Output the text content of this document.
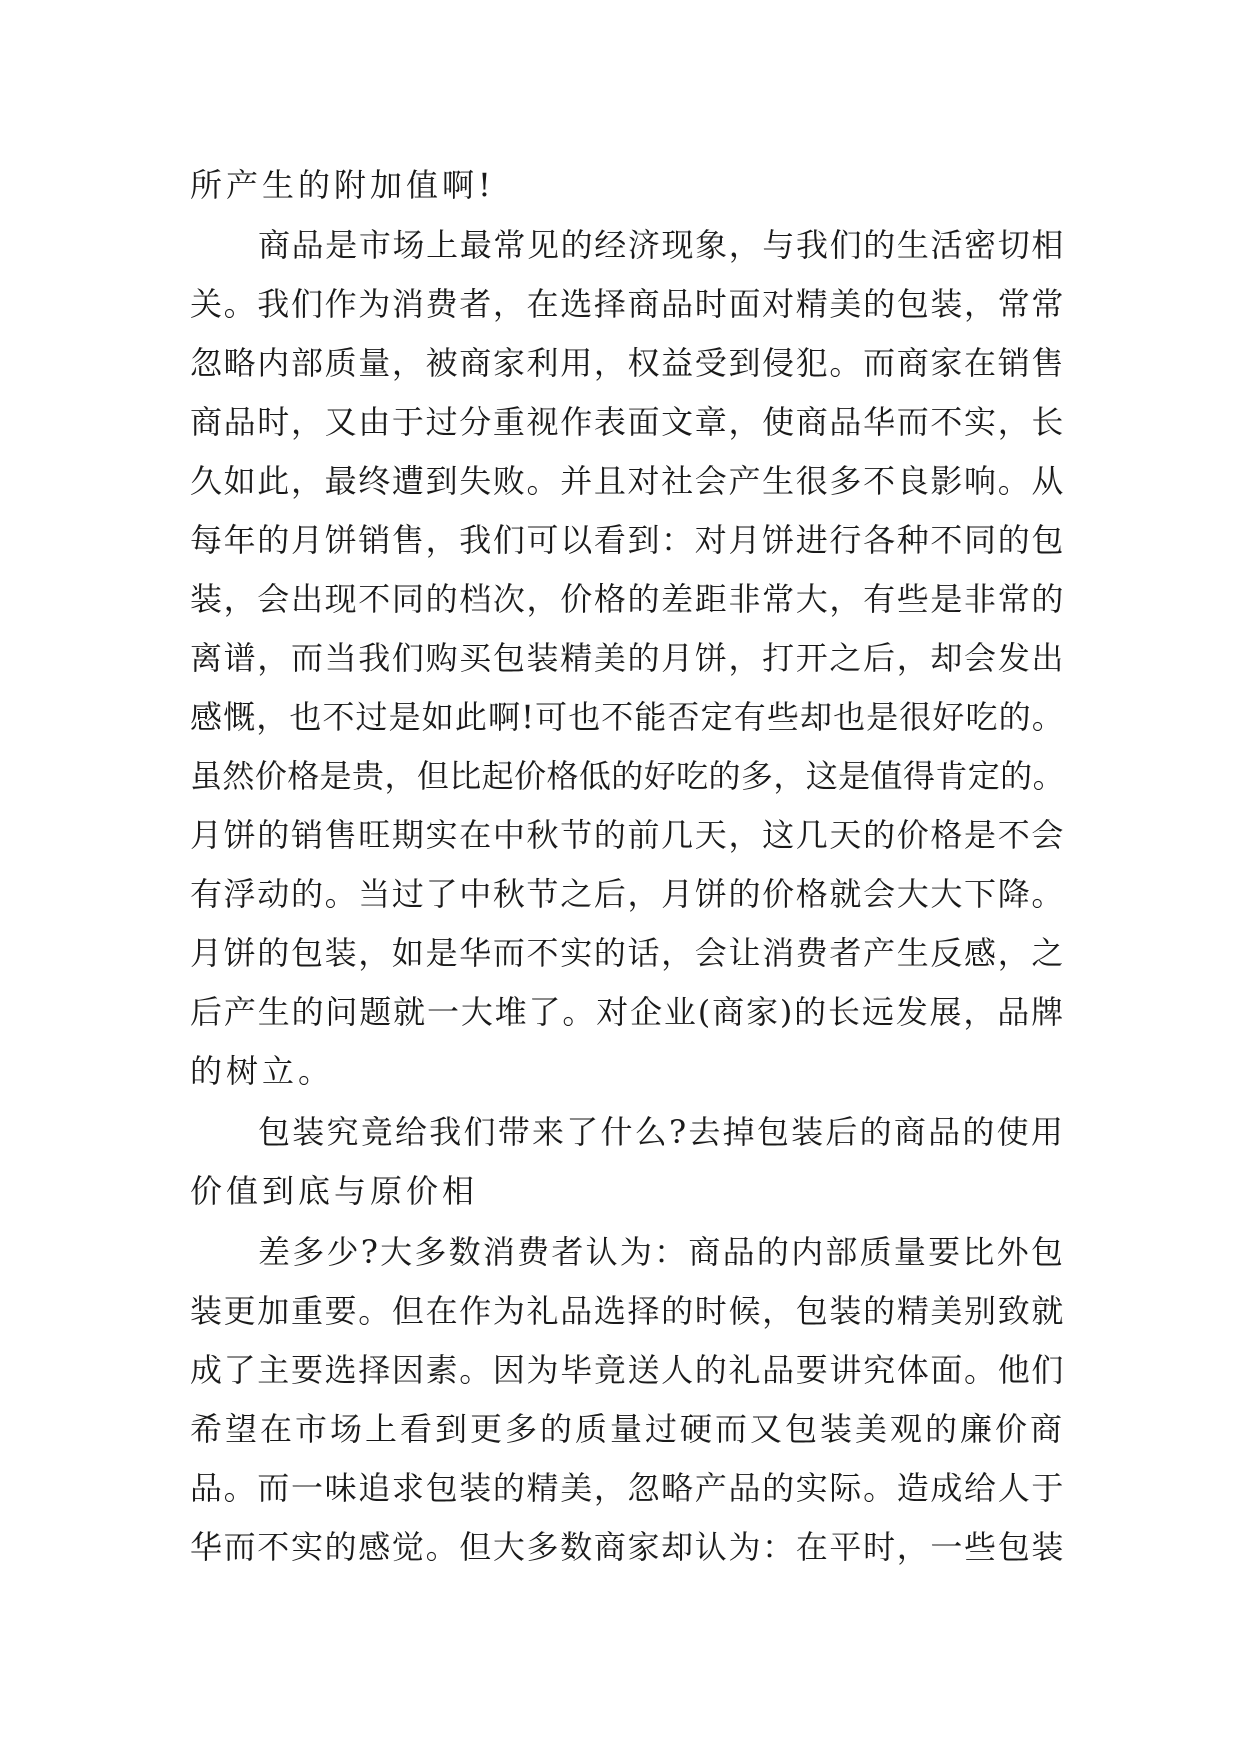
所产生的附加值啊!
商品是市场上最常见的经济现象，与我们的生活密切相
关。我们作为消费者，在选择商品时面对精美的包装，常常
忽略内部质量，被商家利用，权益受到侵犯。而商家在销售
商品时，又由于过分重视作表面文章，使商品华而不实，长
久如此，最终遭到失败。并且对社会产生很多不良影响。从
每年的月饼销售，我们可以看到：对月饼进行各种不同的包
装，会出现不同的档次，价格的差距非常大，有些是非常的
离谱，而当我们购买包装精美的月饼，打开之后，却会发出
感慨，也不过是如此啊!可也不能否定有些却也是很好吃的。
虽然价格是贵，但比起价格低的好吃的多，这是值得肯定的。
月饼的销售旺期实在中秋节的前几天，这几天的价格是不会
有浮动的。当过了中秋节之后，月饼的价格就会大大下降。
月饼的包装，如是华而不实的话，会让消费者产生反感，之
后产生的问题就一大堆了。对企业(商家)的长远发展，品牌
的树立。
包装究竟给我们带来了什么?去掉包装后的商品的使用
价值到底与原价相
差多少?大多数消费者认为：商品的内部质量要比外包
装更加重要。但在作为礼品选择的时候，包装的精美别致就
成了主要选择因素。因为毕竟送人的礼品要讲究体面。他们
希望在市场上看到更多的质量过硬而又包装美观的廉价商
品。而一味追求包装的精美，忽略产品的实际。造成给人于
华而不实的感觉。但大多数商家却认为：在平时，一些包装
